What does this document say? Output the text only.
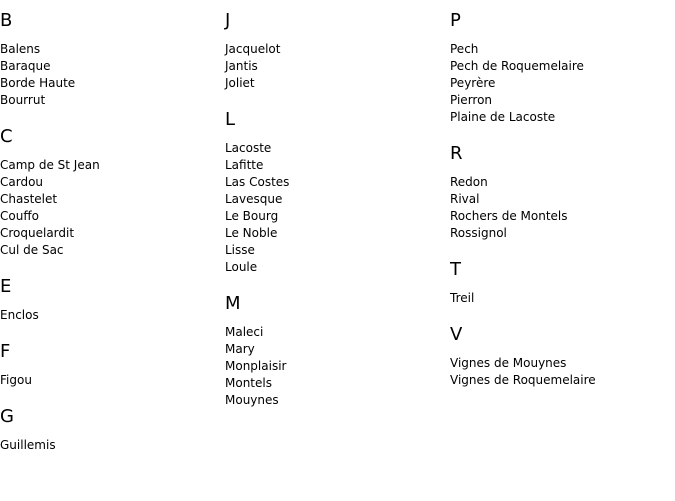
B
Balens
Baraque
Borde Haute
Bourrut
C
Camp de St Jean
Cardou
Chastelet
Couffo
Croquelardit
Cul de Sac
E
Enclos
F
Figou
G
Guillemis
J
Jacquelot
Jantis
Joliet
L
Lacoste
Lafitte
Las Costes
Lavesque
Le Bourg
Le Noble
Lisse
Loule
M
Maleci
Mary
Monplaisir
Montels
Mouynes
P
Pech
Pech de Roquemelaire
Peyrère
Pierron
Plaine de Lacoste
R
Redon
Rival
Rochers de Montels
Rossignol
T
Treil
V
Vignes de Mouynes
Vignes de Roquemelaire
